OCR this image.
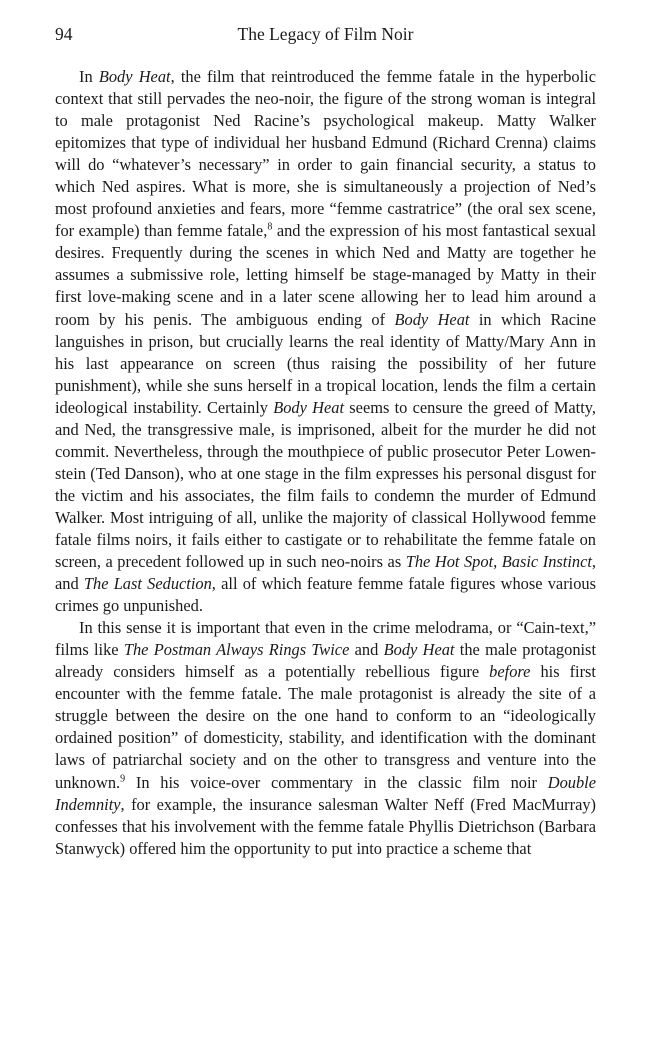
94	The Legacy of Film Noir

In Body Heat, the film that reintroduced the femme fatale in the hyperbolic context that still pervades the neo-noir, the figure of the strong woman is integral to male protagonist Ned Racine’s psychological makeup. Matty Walker epitomizes that type of individual her husband Edmund (Richard Crenna) claims will do “whatever’s necessary” in order to gain financial security, a status to which Ned aspires. What is more, she is simultaneously a projection of Ned’s most profound anxieties and fears, more “femme castratrice” (the oral sex scene, for example) than femme fatale,$^8$ and the expression of his most fantastical sexual desires. Frequently during the scenes in which Ned and Matty are together he assumes a submissive role, letting himself be stage-managed by Matty in their first love-making scene and in a later scene allowing her to lead him around a room by his penis. The ambiguous ending of Body Heat in which Racine languishes in prison, but crucially learns the real identity of Matty/Mary Ann in his last appearance on screen (thus raising the possibility of her future punishment), while she suns herself in a tropical location, lends the film a certain ideological instability. Certainly Body Heat seems to censure the greed of Matty, and Ned, the transgressive male, is imprisoned, albeit for the murder he did not commit. Nevertheless, through the mouthpiece of public prosecutor Peter Lowenstein (Ted Danson), who at one stage in the film expresses his personal disgust for the victim and his associates, the film fails to condemn the murder of Edmund Walker. Most intriguing of all, unlike the majority of classical Hollywood femme fatale films noirs, it fails either to castigate or to rehabilitate the femme fatale on screen, a precedent followed up in such neo-noirs as The Hot Spot, Basic Instinct, and The Last Seduction, all of which feature femme fatale figures whose various crimes go unpunished.

In this sense it is important that even in the crime melodrama, or “Cain-text,” films like The Postman Always Rings Twice and Body Heat the male protagonist already considers himself as a potentially rebellious figure before his first encounter with the femme fatale. The male protagonist is already the site of a struggle between the desire on the one hand to conform to an “ideologically ordained position” of domesticity, stability, and identification with the dominant laws of patriarchal society and on the other to transgress and venture into the unknown.$^9$ In his voice-over commentary in the classic film noir Double Indemnity, for example, the insurance salesman Walter Neff (Fred MacMurray) confesses that his involvement with the femme fatale Phyllis Dietrichson (Barbara Stanwyck) offered him the opportunity to put into practice a scheme that
